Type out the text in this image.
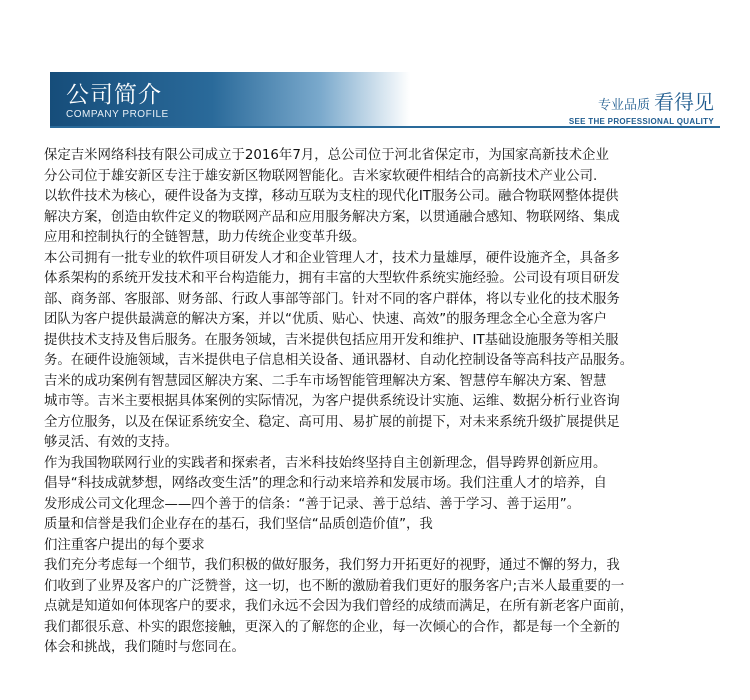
公司简介
COMPANY PROFILE
专业品质 看得见
SEE THE PROFESSIONAL QUALITY

保定吉米网络科技有限公司成立于2016年7月，总公司位于河北省保定市，为国家高新技术企业

分公司位于雄安新区专注于雄安新区物联网智能化。吉米家软硬件相结合的高新技术产业公司.

以软件技术为核心，硬件设备为支撑，移动互联为支柱的现代化IT服务公司。融合物联网整体提供

解决方案，创造由软件定义的物联网产品和应用服务解决方案，以贯通融合感知、物联网络、集成

应用和控制执行的全链智慧，助力传统企业变革升级。

本公司拥有一批专业的软件项目研发人才和企业管理人才，技术力量雄厚，硬件设施齐全，具备多

体系架构的系统开发技术和平台构造能力，拥有丰富的大型软件系统实施经验。公司设有项目研发

部、商务部、客服部、财务部、行政人事部等部门。针对不同的客户群体，将以专业化的技术服务

团队为客户提供最满意的解决方案，并以“优质、贴心、快速、高效”的服务理念全心全意为客户

提供技术支持及售后服务。在服务领域，吉米提供包括应用开发和维护、IT基础设施服务等相关服

务。在硬件设施领域，吉米提供电子信息相关设备、通讯器材、自动化控制设备等高科技产品服务。

吉米的成功案例有智慧园区解决方案、二手车市场智能管理解决方案、智慧停车解决方案、智慧

城市等。吉米主要根据具体案例的实际情况，为客户提供系统设计实施、运维、数据分析行业咨询

全方位服务，以及在保证系统安全、稳定、高可用、易扩展的前提下，对未来系统升级扩展提供足

够灵活、有效的支持。

作为我国物联网行业的实践者和探索者，吉米科技始终坚持自主创新理念，倡导跨界创新应用。

倡导“科技成就梦想，网络改变生活”的理念和行动来培养和发展市场。我们注重人才的培养，自

发形成公司文化理念——四个善于的信条：“善于记录、善于总结、善于学习、善于运用”。

质量和信誉是我们企业存在的基石，我们坚信“品质创造价值”，我

们注重客户提出的每个要求

我们充分考虑每一个细节，我们积极的做好服务，我们努力开拓更好的视野，通过不懈的努力，我

们收到了业界及客户的广泛赞誉，这一切，也不断的激励着我们更好的服务客户;吉米人最重要的一

点就是知道如何体现客户的要求，我们永远不会因为我们曾经的成绩而满足，在所有新老客户面前，

我们都很乐意、朴实的跟您接触，更深入的了解您的企业，每一次倾心的合作，都是每一个全新的

体会和挑战，我们随时与您同在。
